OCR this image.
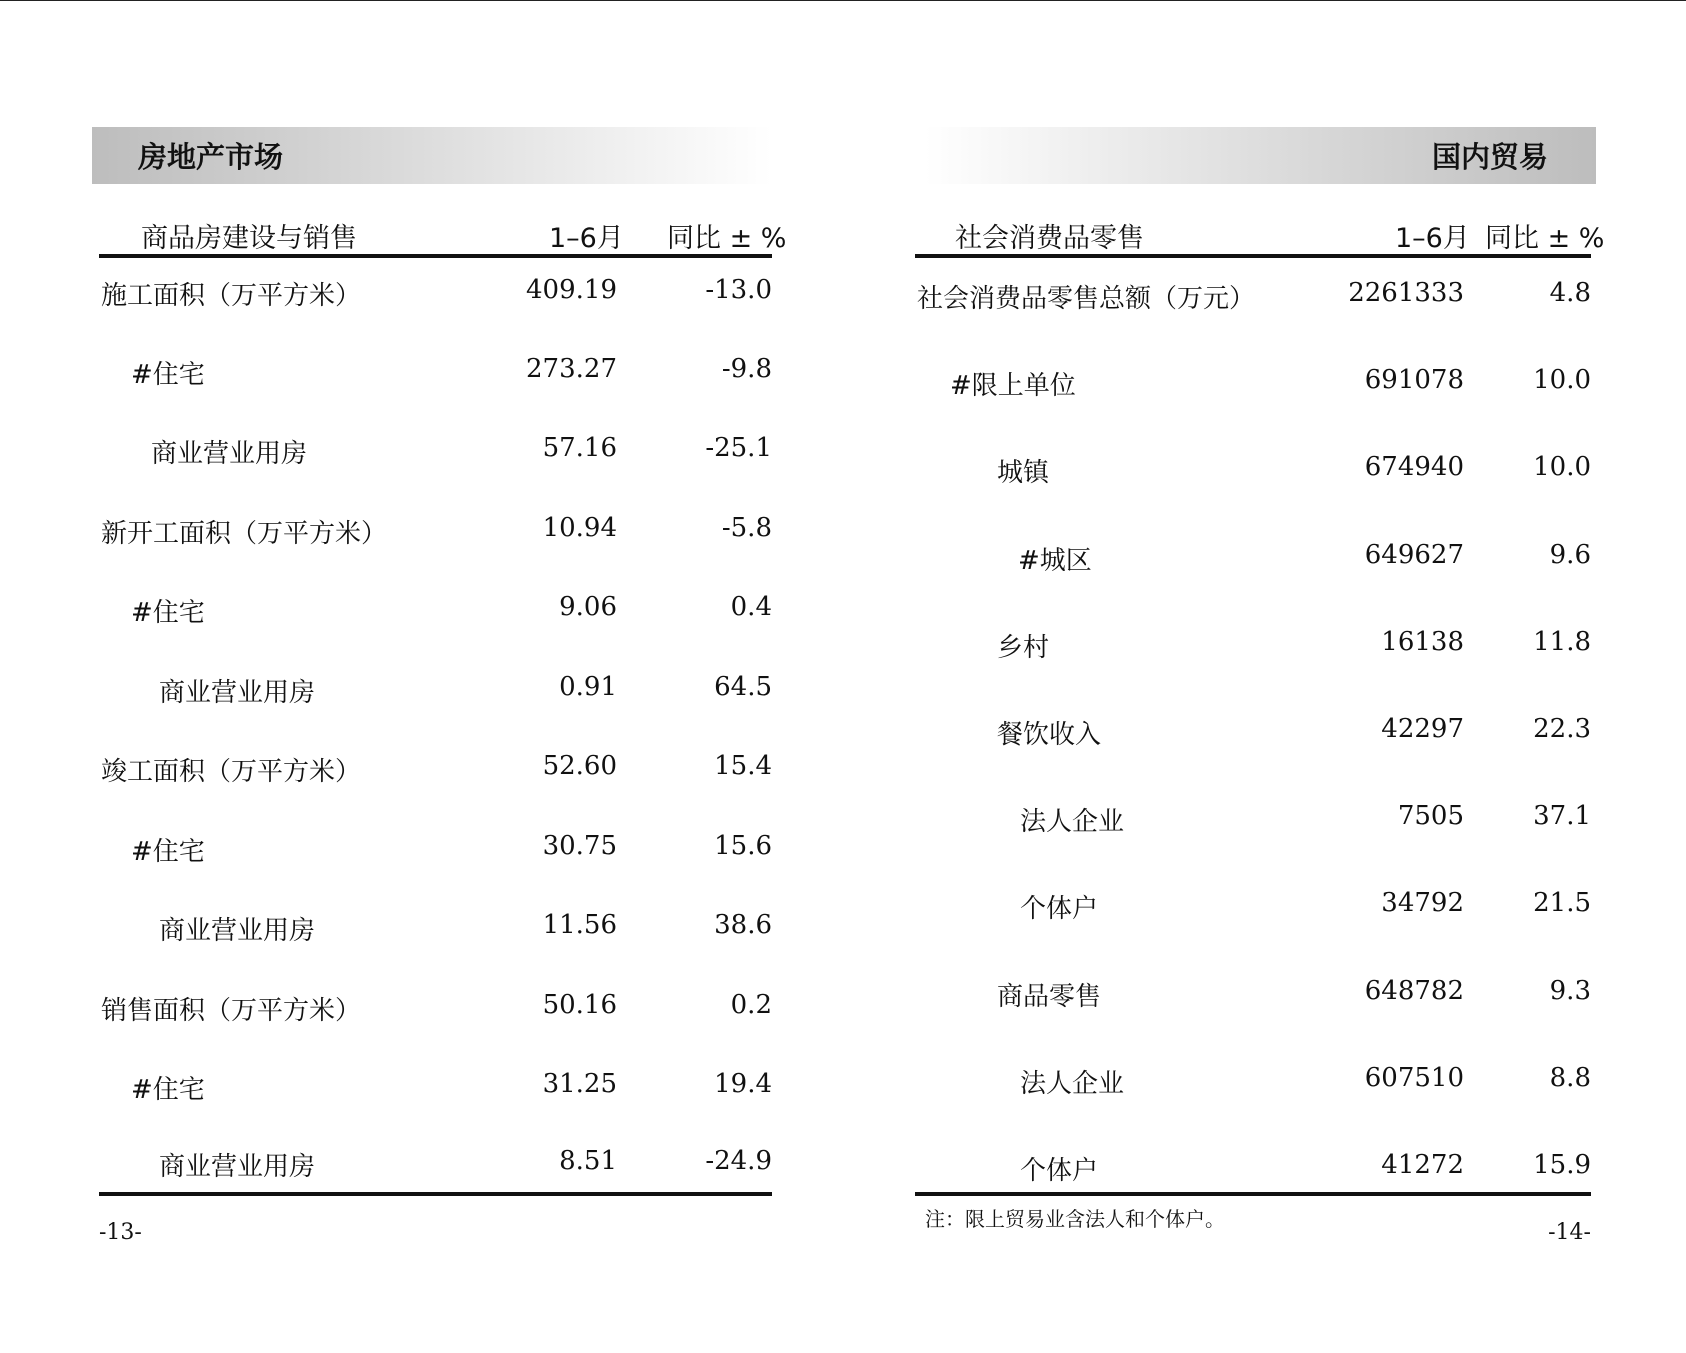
房地产市场
商品房建设与销售	1–6月 同比 ± %
施工面积（万平方米）	409.19	-13.0
#住宅	273.27	-9.8
商业营业用房	57.16	-25.1
新开工面积（万平方米）	10.94	-5.8
#住宅	9.06	0.4
商业营业用房	0.91	64.5
竣工面积（万平方米）	52.60	15.4
#住宅	30.75	15.6
商业营业用房	11.56	38.6
销售面积（万平方米）	50.16	0.2
#住宅	31.25	19.4
商业营业用房	8.51	-24.9
-13-
国内贸易
社会消费品零售	1–6月 同比 ± %
社会消费品零售总额（万元）	2261333	4.8
#限上单位	691078	10.0
城镇	674940	10.0
#城区	649627	9.6
乡村	16138	11.8
餐饮收入	42297	22.3
法人企业	7505	37.1
个体户	34792	21.5
商品零售	648782	9.3
法人企业	607510	8.8
个体户	41272	15.9
注：限上贸易业含法人和个体户。
-14-
